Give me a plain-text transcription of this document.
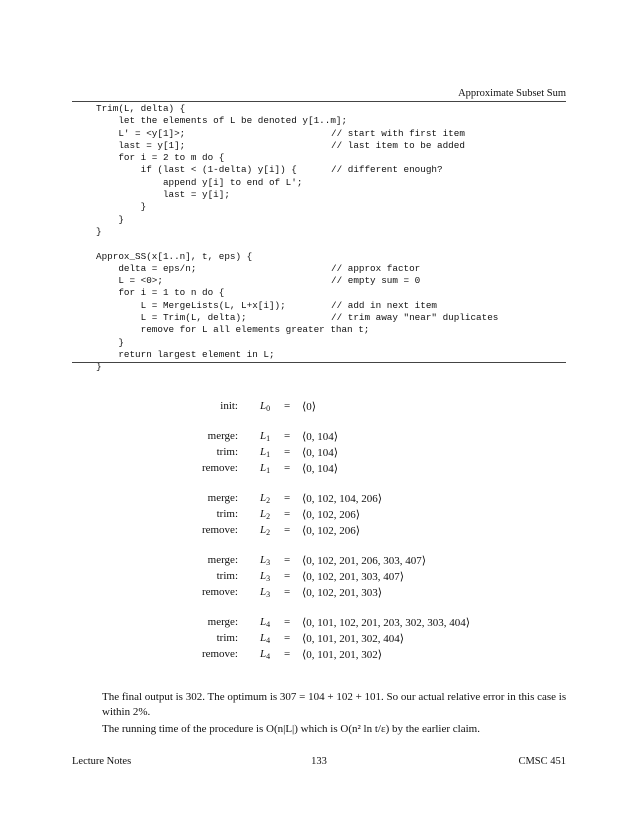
Approximate Subset Sum
Trim(L, delta) {
let the elements of L be denoted y[1..m];
L' = <y[1]>;	// start with first item
last = y[1];	// last item to be added
for i = 2 to m do {
if (last < (1-delta) y[i]) {	// different enough?
append y[i] to end of L';
last = y[i];
}
}
}
Approx_SS(x[1..n], t, eps) {
delta = eps/n;	// approx factor
L = <0>;	// empty sum = 0
for i = 1 to n do {
L = MergeLists(L, L+x[i]);	// add in next item
L = Trim(L, delta);	// trim away "near" duplicates
remove for L all elements greater than t;
}
return largest element in L;
}
init: $L_0$ = ⟨0⟩
merge: $L_1$ = ⟨0, 104⟩
trim: $L_1$ = ⟨0, 104⟩
remove: $L_1$ = ⟨0, 104⟩
merge: $L_2$ = ⟨0, 102, 104, 206⟩
trim: $L_2$ = ⟨0, 102, 206⟩
remove: $L_2$ = ⟨0, 102, 206⟩
merge: $L_3$ = ⟨0, 102, 201, 206, 303, 407⟩
trim: $L_3$ = ⟨0, 102, 201, 303, 407⟩
remove: $L_3$ = ⟨0, 102, 201, 303⟩
merge: $L_4$ = ⟨0, 101, 102, 201, 203, 302, 303, 404⟩
trim: $L_4$ = ⟨0, 101, 201, 302, 404⟩
remove: $L_4$ = ⟨0, 101, 201, 302⟩
The final output is 302. The optimum is 307 = 104 + 102 + 101. So our actual relative error in this case is within 2%.
The running time of the procedure is O(n|L|) which is O(n² ln t/ε) by the earlier claim.
Lecture Notes	133	CMSC 451
